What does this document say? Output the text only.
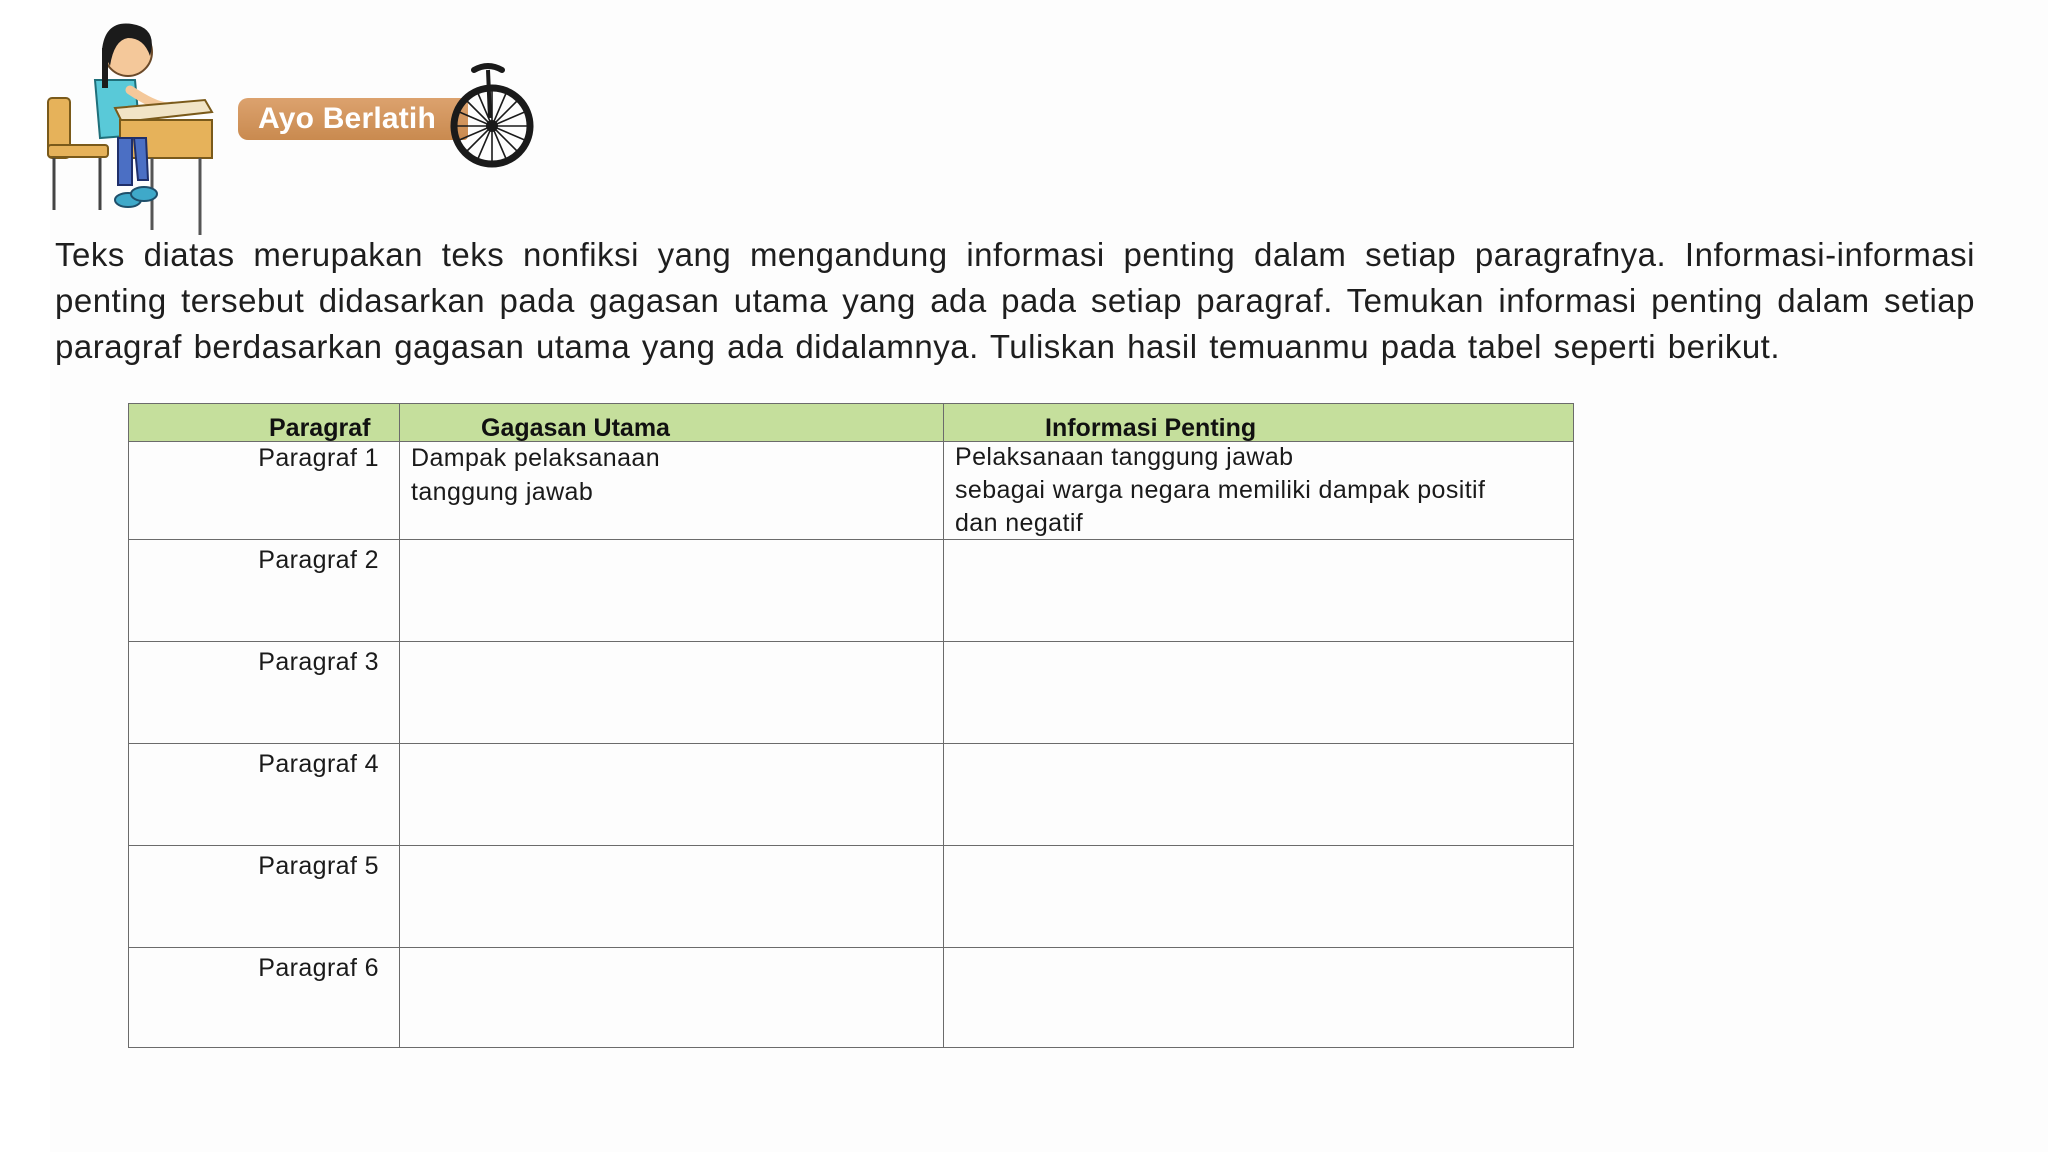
Ayo Berlatih
Teks diatas merupakan teks nonfiksi yang mengandung informasi penting dalam setiap paragrafnya. Informasi-informasi penting tersebut didasarkan pada gagasan utama yang ada pada setiap paragraf. Temukan informasi penting dalam setiap paragraf berdasarkan gagasan utama yang ada didalamnya. Tuliskan hasil temuanmu pada tabel seperti berikut.
Paragraf	Gagasan Utama	Informasi Penting
Paragraf 1 Dampak pelaksanaan
tanggung jawab
Pelaksanaan tanggung jawab
sebagai warga negara memiliki dampak positif
dan negatif
Paragraf 2
Paragraf 3
Paragraf 4
Paragraf 5
Paragraf 6
